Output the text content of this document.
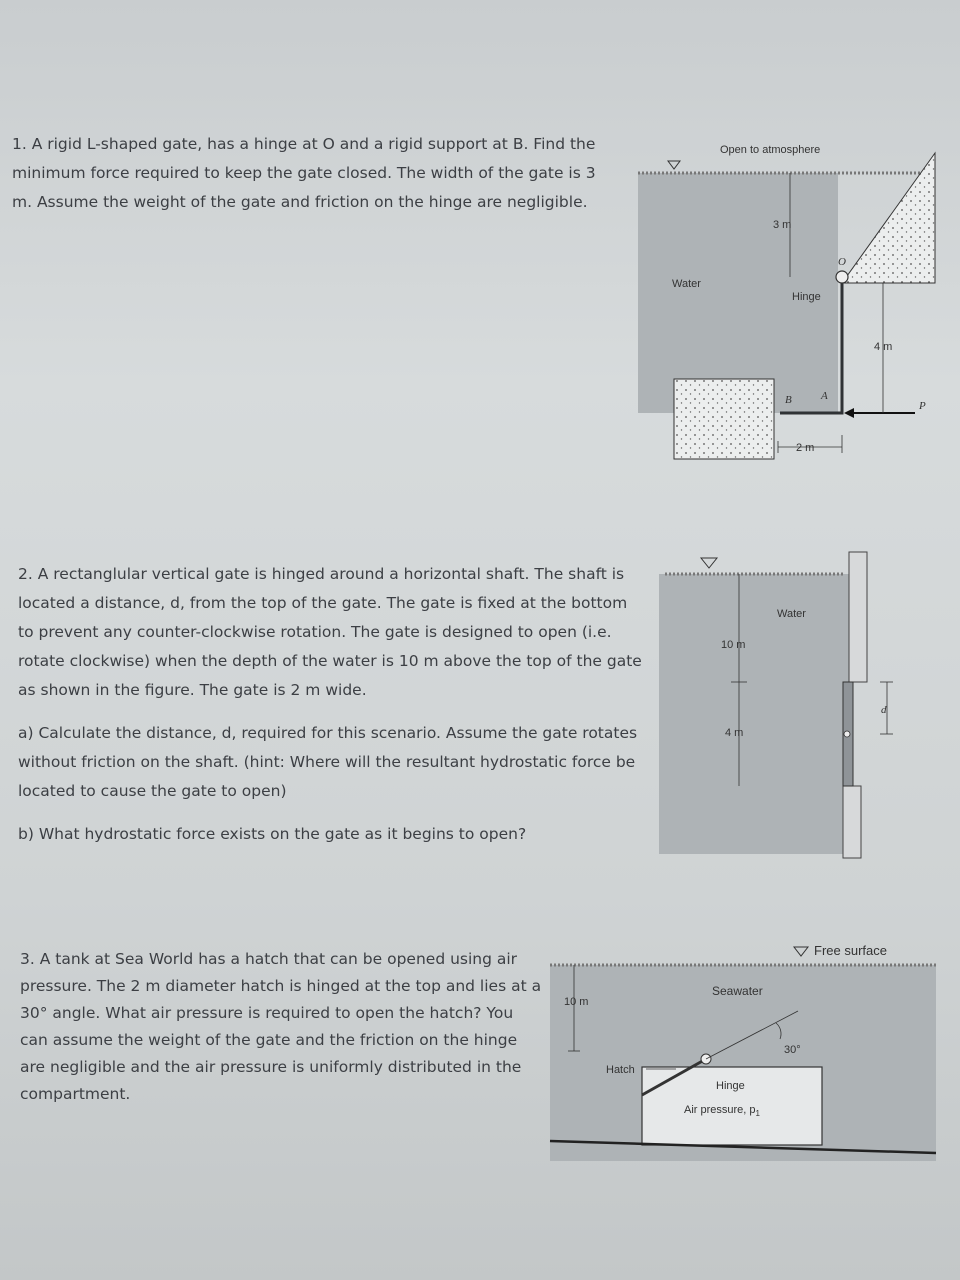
1. A rigid L-shaped gate, has a hinge at O and a rigid support at B. Find the minimum force required to keep the gate closed. The width of the gate is 3 m. Assume the weight of the gate and friction on the hinge are negligible.

Open to atmosphere
3 m
Water
Hinge
O
4 m
B	A
P
2 m

2. A rectanglular vertical gate is hinged around a horizontal shaft. The shaft is located a distance, d, from the top of the gate. The gate is fixed at the bottom to prevent any counter-clockwise rotation. The gate is designed to open (i.e. rotate clockwise) when the depth of the water is 10 m above the top of the gate as shown in the figure. The gate is 2 m wide.

a) Calculate the distance, d, required for this scenario. Assume the gate rotates without friction on the shaft. (hint: Where will the resultant hydrostatic force be located to cause the gate to open)

b) What hydrostatic force exists on the gate as it begins to open?

Water
10 m
4 m
d

3. A tank at Sea World has a hatch that can be opened using air pressure. The 2 m diameter hatch is hinged at the top and lies at a 30° angle. What air pressure is required to open the hatch? You can assume the weight of the gate and the friction on the hinge are negligible and the air pressure is uniformly distributed in the compartment.

Free surface
10 m
Seawater
30°
Hatch
Hinge
Air pressure, $p_1$
